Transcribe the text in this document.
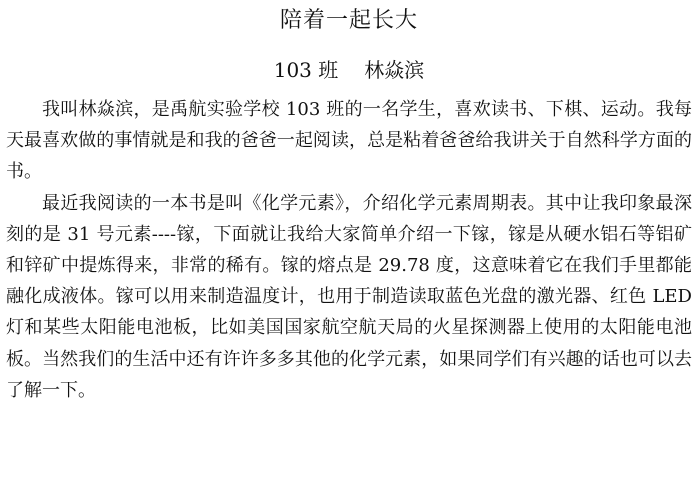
陪着一起长大
103 班 林焱滨

我叫林焱滨，是禹航实验学校 103 班的一名学生，喜欢读书、下棋、运动。我每天最喜欢做的事情就是和我的爸爸一起阅读，总是粘着爸爸给我讲关于自然科学方面的书。

最近我阅读的一本书是叫《化学元素》，介绍化学元素周期表。其中让我印象最深刻的是 31 号元素----镓，下面就让我给大家简单介绍一下镓，镓是从硬水铝石等铝矿和锌矿中提炼得来，非常的稀有。镓的熔点是 29.78 度，这意味着它在我们手里都能融化成液体。镓可以用来制造温度计，也用于制造读取蓝色光盘的激光器、红色 LED 灯和某些太阳能电池板，比如美国国家航空航天局的火星探测器上使用的太阳能电池板。当然我们的生活中还有许许多多其他的化学元素，如果同学们有兴趣的话也可以去了解一下。
